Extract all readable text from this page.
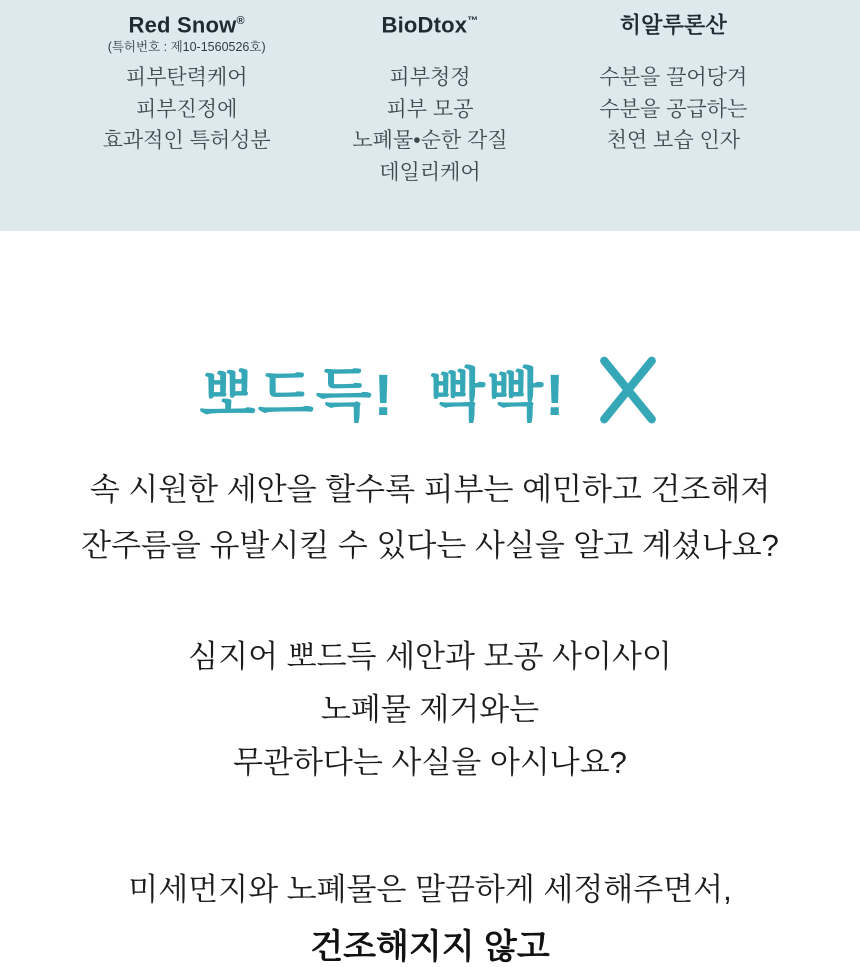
Red Snow®
(특허번호 : 제10-1560526호)
피부탄력케어
피부진정에
효과적인 특허성분
BioDtox™
피부청정
피부 모공
노폐물•순한 각질
데일리케어
히알루론산
수분을 끌어당겨
수분을 공급하는
천연 보습 인자
뽀드득! 빡빡!
속 시원한 세안을 할수록 피부는 예민하고 건조해져
잔주름을 유발시킬 수 있다는 사실을 알고 계셨나요?
심지어 뽀드득 세안과 모공 사이사이
노폐물 제거와는
무관하다는 사실을 아시나요?
미세먼지와 노폐물은 말끔하게 세정해주면서,
건조해지지 않고
